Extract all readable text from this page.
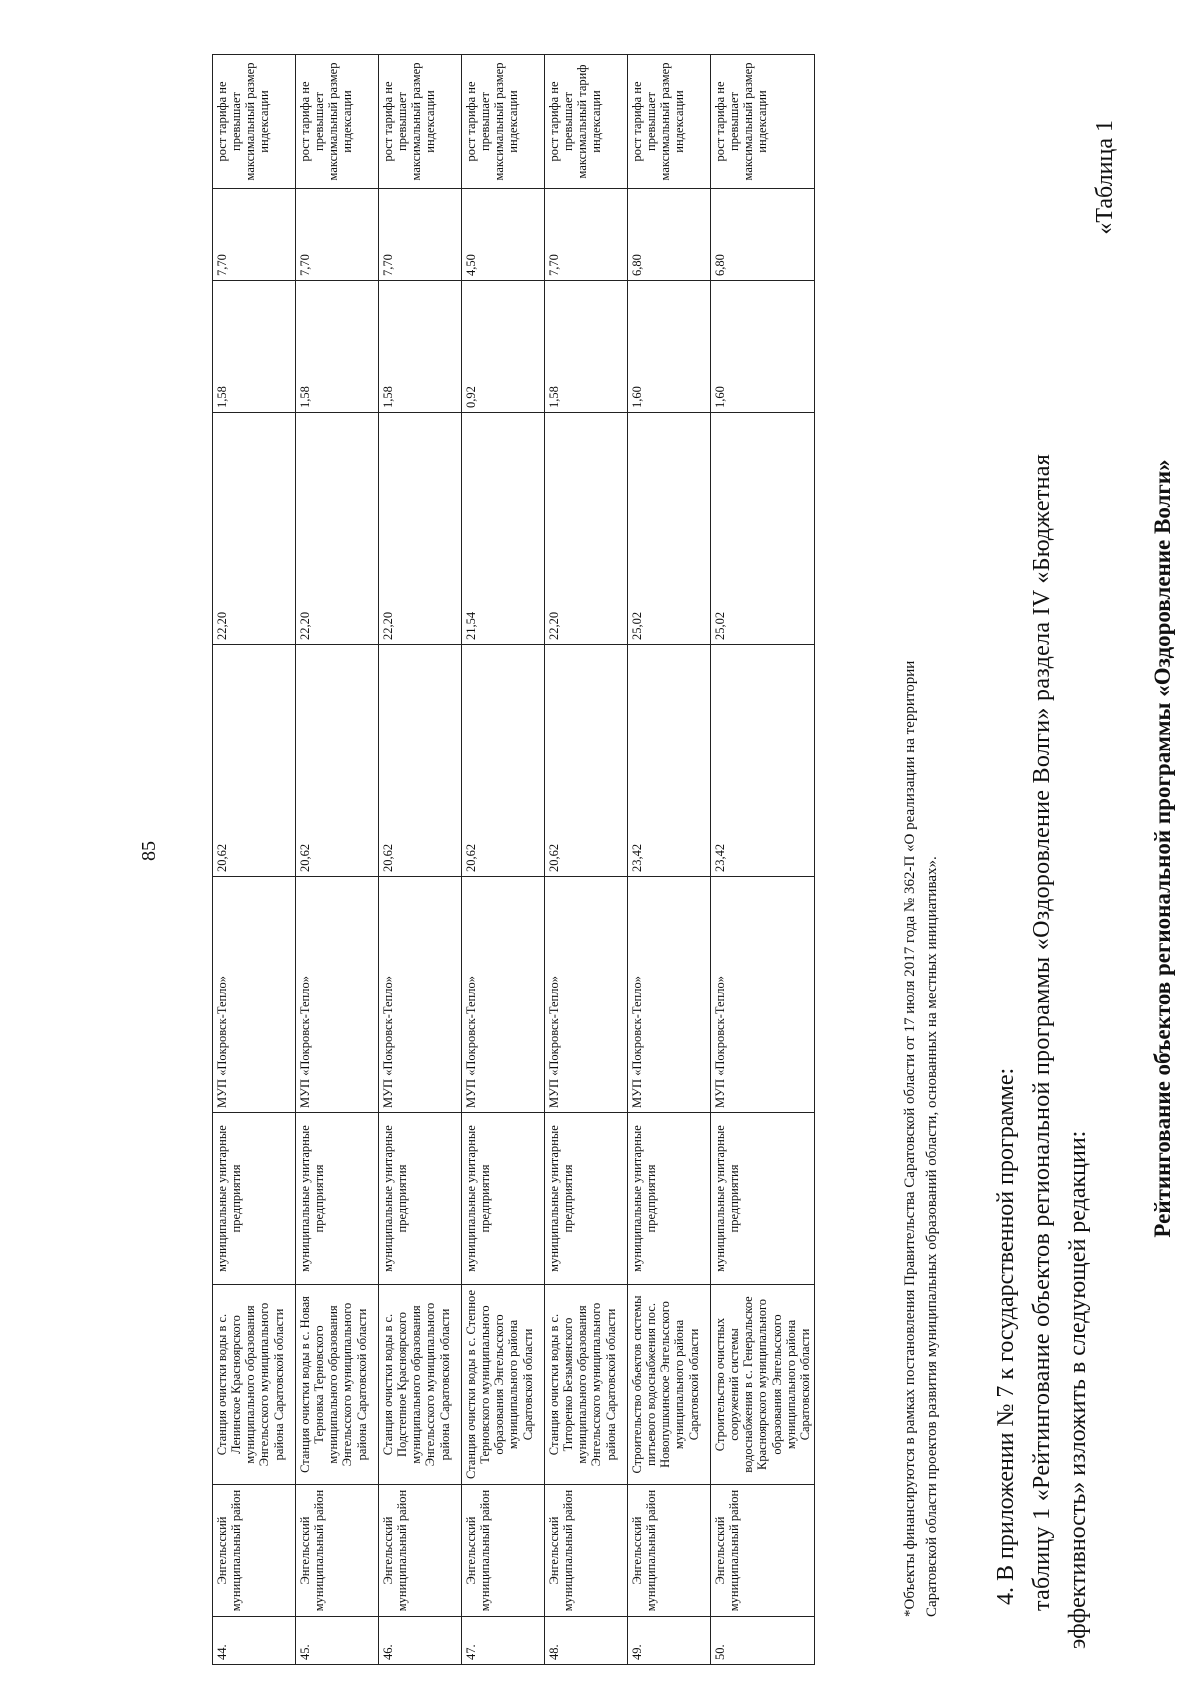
85
44.	Энгельсский муниципальный район	Станция очистки воды в с. Ленинское Красноярского муниципального образования Энгельсского муниципального района Саратовской области	муниципальные унитарные предприятия	МУП «Покровск-Тепло»	20,62	22,20	1,58	7,70	рост тарифа не превышает максимальный размер индексации
45.	Энгельсский муниципальный район	Станция очистки воды в с. Новая Терновка Терновского муниципального образования Энгельсского муниципального района Саратовской области	муниципальные унитарные предприятия	МУП «Покровск-Тепло»	20,62	22,20	1,58	7,70	рост тарифа не превышает максимальный размер индексации
46.	Энгельсский муниципальный район	Станция очистки воды в с. Подстепное Красноярского муниципального образования Энгельсского муниципального района Саратовской области	муниципальные унитарные предприятия	МУП «Покровск-Тепло»	20,62	22,20	1,58	7,70	рост тарифа не превышает максимальный размер индексации
47.	Энгельсский муниципальный район	Станция очистки воды в с. Степное Терновского муниципального образования Энгельсского муниципального района Саратовской области	муниципальные унитарные предприятия	МУП «Покровск-Тепло»	20,62	21,54	0,92	4,50	рост тарифа не превышает максимальный размер индексации
48.	Энгельсский муниципальный район	Станция очистки воды в с. Титоренко Безымянского муниципального образования Энгельсского муниципального района Саратовской области	муниципальные унитарные предприятия	МУП «Покровск-Тепло»	20,62	22,20	1,58	7,70	рост тарифа не превышает максимальный тариф индексации
49.	Энгельсский муниципальный район	Строительство объектов системы питьевого водоснабжения пос. Новопушкинское Энгельсского муниципального района Саратовской области	муниципальные унитарные предприятия	МУП «Покровск-Тепло»	23,42	25,02	1,60	6,80	рост тарифа не превышает максимальный размер индексации
50.	Энгельсский муниципальный район	Строительство очистных сооружений системы водоснабжения в с. Генеральское Красноярского муниципального образования Энгельсского муниципального района Саратовской области	муниципальные унитарные предприятия	МУП «Покровск-Тепло»	23,42	25,02	1,60	6,80	рост тарифа не превышает максимальный размер индексации
*Объекты финансируются в рамках постановления Правительства Саратовской области от 17 июля 2017 года № 362-П «О реализации на территории Саратовской области проектов развития муниципальных образований области, основанных на местных инициативах». 4. В приложении № 7 к государственной программе: таблицу 1 «Рейтингование объектов региональной программы «Оздоровление Волги» раздела IV «Бюджетная эффективность» изложить в следующей редакции:
«Таблица 1
Рейтингование объектов региональной программы «Оздоровление Волги»
